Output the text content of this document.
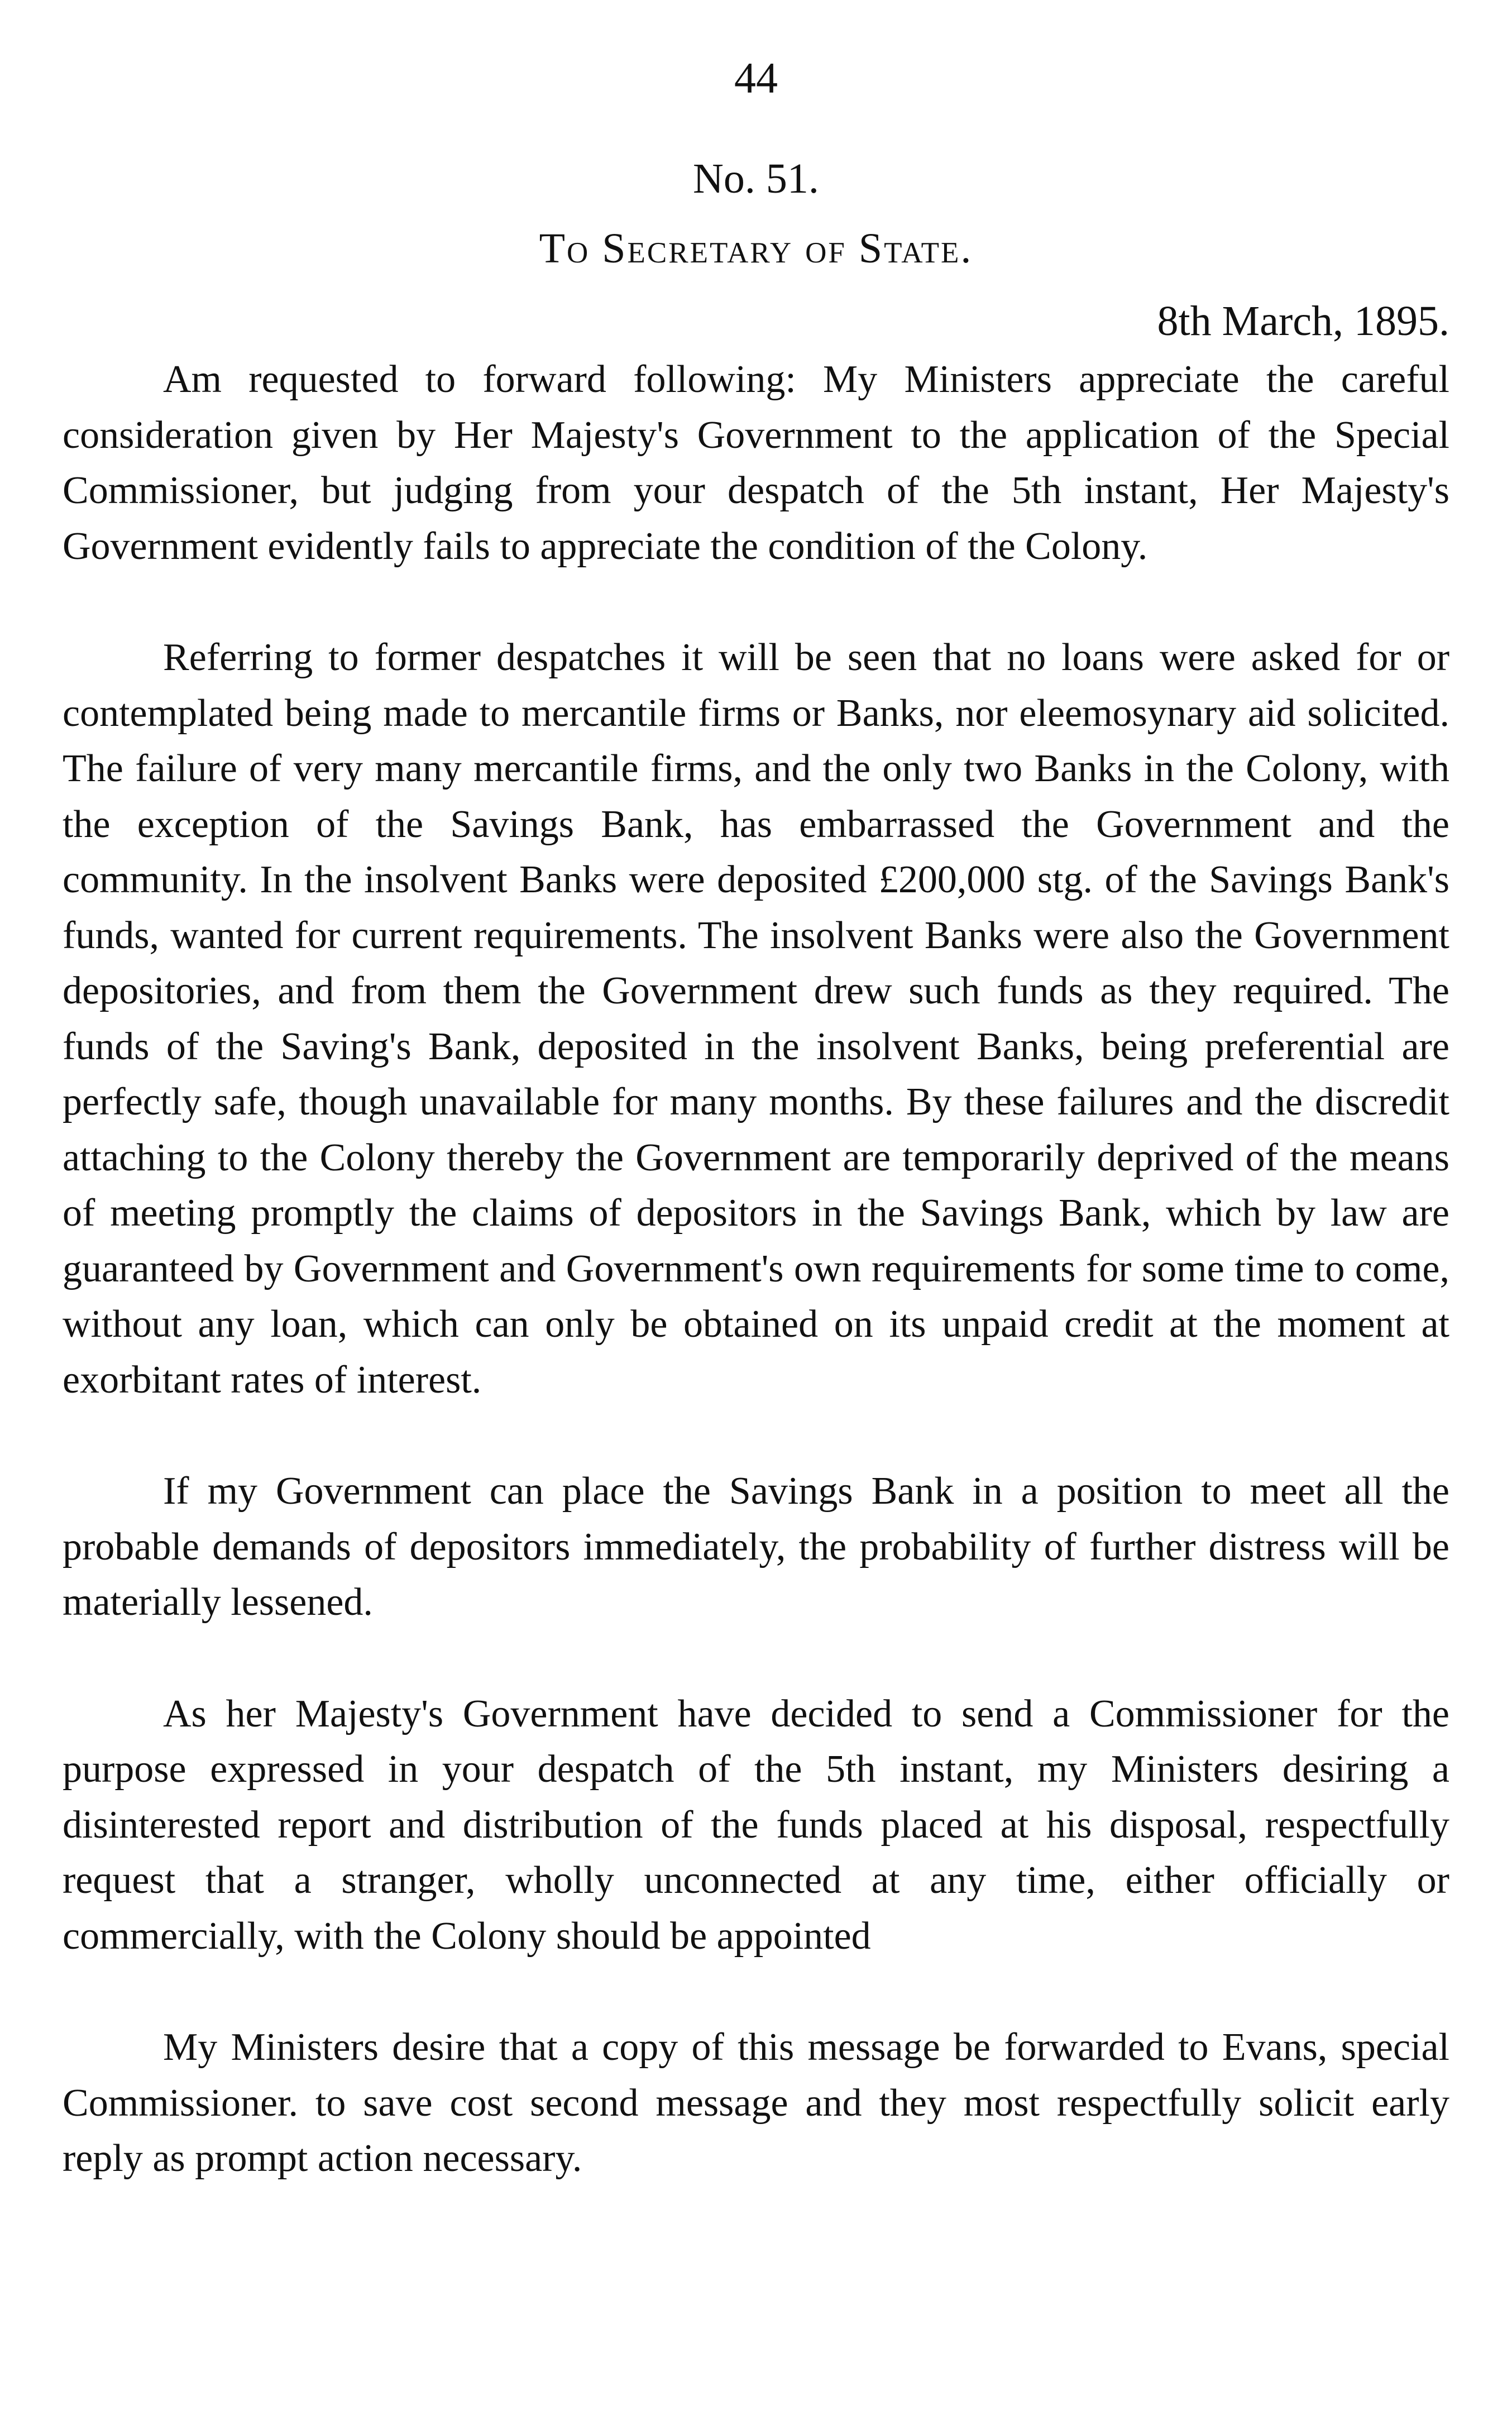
44
No. 51.
To Secretary of State.
8th March, 1895.

Am requested to forward following: My Ministers appreciate the careful consideration given by Her Majesty's Government to the application of the Special Commissioner, but judging from your despatch of the 5th instant, Her Majesty's Government evidently fails to appreciate the condition of the Colony.

Referring to former despatches it will be seen that no loans were asked for or contemplated being made to mercantile firms or Banks, nor eleemosynary aid solicited. The failure of very many mercantile firms, and the only two Banks in the Colony, with the exception of the Savings Bank, has embarrassed the Government and the community. In the insolvent Banks were deposited £200,000 stg. of the Savings Bank's funds, wanted for current requirements. The insolvent Banks were also the Government depositories, and from them the Government drew such funds as they required. The funds of the Saving's Bank, deposited in the insolvent Banks, being preferential are perfectly safe, though unavailable for many months. By these failures and the discredit attaching to the Colony thereby the Government are temporarily deprived of the means of meeting promptly the claims of depositors in the Savings Bank, which by law are guaranteed by Government and Government's own requirements for some time to come, without any loan, which can only be obtained on its unpaid credit at the moment at exorbitant rates of interest.

If my Government can place the Savings Bank in a position to meet all the probable demands of depositors immediately, the probability of further distress will be materially lessened.

As her Majesty's Government have decided to send a Commissioner for the purpose expressed in your despatch of the 5th instant, my Ministers desiring a disinterested report and distribution of the funds placed at his disposal, respectfully request that a stranger, wholly unconnected at any time, either officially or commercially, with the Colony should be appointed

My Ministers desire that a copy of this message be forwarded to Evans, special Commissioner. to save cost second message and they most respectfully solicit early reply as prompt action necessary.
